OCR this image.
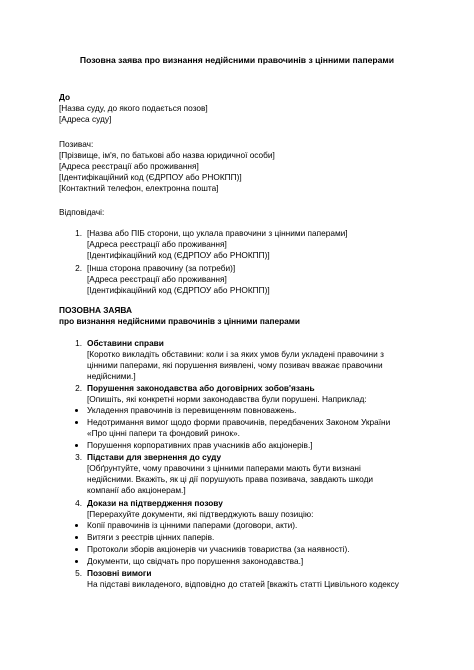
Позовна заява про визнання недійсними правочинів з цінними паперами
До
[Назва суду, до якого подається позов]
[Адреса суду]
Позивач:
[Прізвище, ім'я, по батькові або назва юридичної особи]
[Адреса реєстрації або проживання]
[Ідентифікаційний код (ЄДРПОУ або РНОКПП)]
[Контактний телефон, електронна пошта]
Відповідачі:
1. [Назва або ПІБ сторони, що уклала правочини з цінними паперами]
[Адреса реєстрації або проживання]
[Ідентифікаційний код (ЄДРПОУ або РНОКПП)]
2. [Інша сторона правочину (за потреби)]
[Адреса реєстрації або проживання]
[Ідентифікаційний код (ЄДРПОУ або РНОКПП)]
ПОЗОВНА ЗАЯВА
про визнання недійсними правочинів з цінними паперами
1. Обставини справи
[Коротко викладіть обставини: коли і за яких умов були укладені правочини з
цінними паперами, які порушення виявлені, чому позивач вважає правочини
недійсними.]
2. Порушення законодавства або договірних зобов'язань
[Опишіть, які конкретні норми законодавства були порушені. Наприклад:
Укладення правочинів із перевищенням повноважень.
Недотримання вимог щодо форми правочинів, передбачених Законом України
«Про цінні папери та фондовий ринок».
Порушення корпоративних прав учасників або акціонерів.]
3. Підстави для звернення до суду
[Обґрунтуйте, чому правочини з цінними паперами мають бути визнані
недійсними. Вкажіть, як ці дії порушують права позивача, завдають шкоди
компанії або акціонерам.]
4. Докази на підтвердження позову
[Перерахуйте документи, які підтверджують вашу позицію:
Копії правочинів із цінними паперами (договори, акти).
Витяги з реєстрів цінних паперів.
Протоколи зборів акціонерів чи учасників товариства (за наявності).
Документи, що свідчать про порушення законодавства.]
5. Позовні вимоги
На підставі викладеного, відповідно до статей [вкажіть статті Цивільного кодексу
